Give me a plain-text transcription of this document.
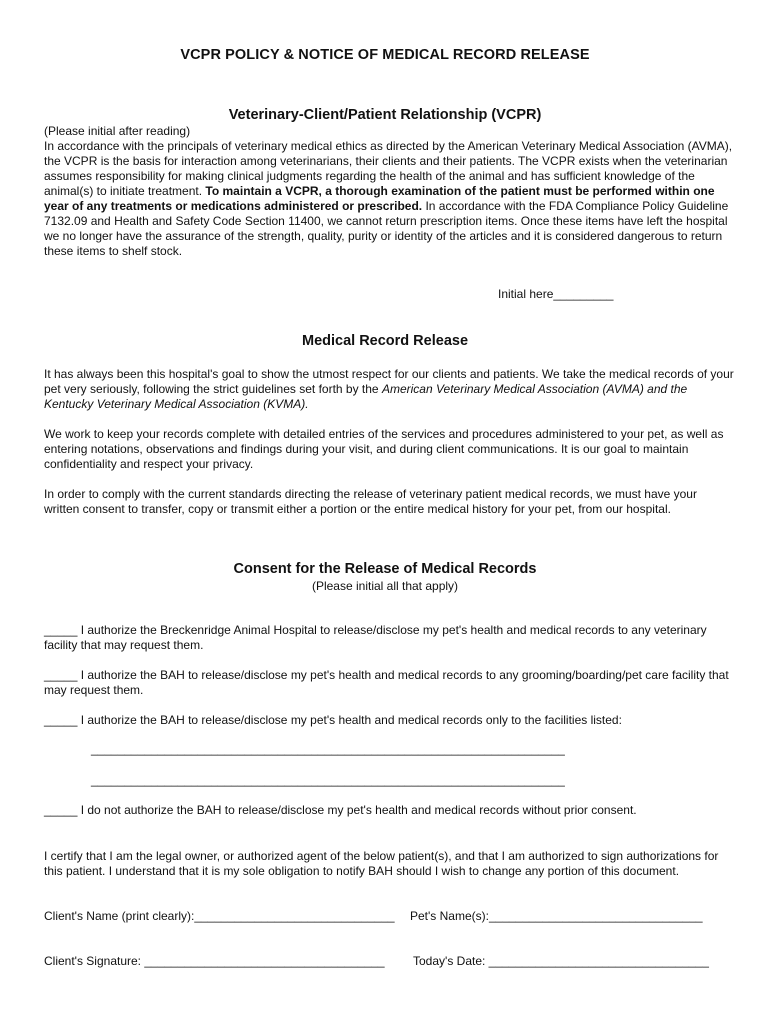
VCPR POLICY & NOTICE OF MEDICAL RECORD RELEASE
Veterinary-Client/Patient Relationship (VCPR)
(Please initial after reading)
In accordance with the principals of veterinary medical ethics as directed by the American Veterinary Medical Association (AVMA), the VCPR is the basis for interaction among veterinarians, their clients and their patients. The VCPR exists when the veterinarian assumes responsibility for making clinical judgments regarding the health of the animal and has sufficient knowledge of the animal(s) to initiate treatment. To maintain a VCPR, a thorough examination of the patient must be performed within one year of any treatments or medications administered or prescribed. In accordance with the FDA Compliance Policy Guideline 7132.09 and Health and Safety Code Section 11400, we cannot return prescription items. Once these items have left the hospital we no longer have the assurance of the strength, quality, purity or identity of the articles and it is considered dangerous to return these items to shelf stock.
Initial here_________
Medical Record Release
It has always been this hospital's goal to show the utmost respect for our clients and patients. We take the medical records of your pet very seriously, following the strict guidelines set forth by the American Veterinary Medical Association (AVMA) and the Kentucky Veterinary Medical Association (KVMA).
We work to keep your records complete with detailed entries of the services and procedures administered to your pet, as well as entering notations, observations and findings during your visit, and during client communications. It is our goal to maintain confidentiality and respect your privacy.
In order to comply with the current standards directing the release of veterinary patient medical records, we must have your written consent to transfer, copy or transmit either a portion or the entire medical history for your pet, from our hospital.
Consent for the Release of Medical Records
(Please initial all that apply)
_____ I authorize the Breckenridge Animal Hospital to release/disclose my pet's health and medical records to any veterinary facility that may request them.
_____ I authorize the BAH to release/disclose my pet's health and medical records to any grooming/boarding/pet care facility that may request them.
_____ I authorize the BAH to release/disclose my pet's health and medical records only to the facilities listed:
_______________________________________________________________________
_______________________________________________________________________
_____ I do not authorize the BAH to release/disclose my pet's health and medical records without prior consent.
I certify that I am the legal owner, or authorized agent of the below patient(s), and that I am authorized to sign authorizations for this patient. I understand that it is my sole obligation to notify BAH should I wish to change any portion of this document.
Client's Name (print clearly):______________________________ Pet's Name(s):________________________________
Client's Signature: ____________________________________ Today's Date: _________________________________
